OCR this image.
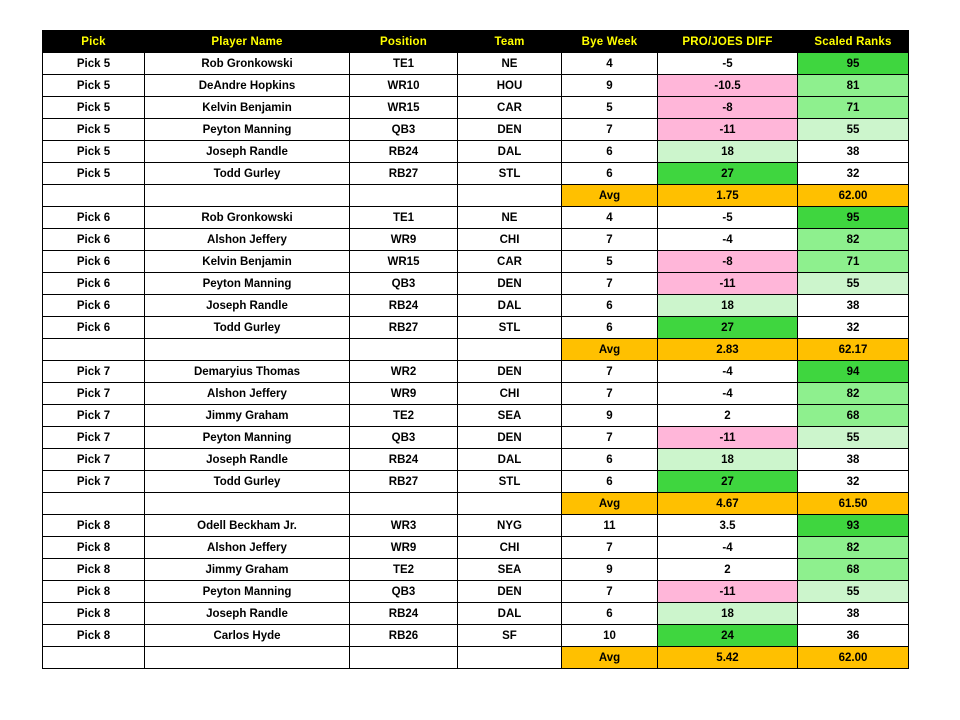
Pick	Player Name	Position	Team	Bye Week	PRO/JOES DIFF	Scaled Ranks
Pick 5	Rob Gronkowski	TE1	NE	4	-5	95
Pick 5	DeAndre Hopkins	WR10	HOU	9	-10.5	81
Pick 5	Kelvin Benjamin	WR15	CAR	5	-8	71
Pick 5	Peyton Manning	QB3	DEN	7	-11	55
Pick 5	Joseph Randle	RB24	DAL	6	18	38
Pick 5	Todd Gurley	RB27	STL	6	27	32
				Avg	1.75	62.00
Pick 6	Rob Gronkowski	TE1	NE	4	-5	95
Pick 6	Alshon Jeffery	WR9	CHI	7	-4	82
Pick 6	Kelvin Benjamin	WR15	CAR	5	-8	71
Pick 6	Peyton Manning	QB3	DEN	7	-11	55
Pick 6	Joseph Randle	RB24	DAL	6	18	38
Pick 6	Todd Gurley	RB27	STL	6	27	32
				Avg	2.83	62.17
Pick 7	Demaryius Thomas	WR2	DEN	7	-4	94
Pick 7	Alshon Jeffery	WR9	CHI	7	-4	82
Pick 7	Jimmy Graham	TE2	SEA	9	2	68
Pick 7	Peyton Manning	QB3	DEN	7	-11	55
Pick 7	Joseph Randle	RB24	DAL	6	18	38
Pick 7	Todd Gurley	RB27	STL	6	27	32
				Avg	4.67	61.50
Pick 8	Odell Beckham Jr.	WR3	NYG	11	3.5	93
Pick 8	Alshon Jeffery	WR9	CHI	7	-4	82
Pick 8	Jimmy Graham	TE2	SEA	9	2	68
Pick 8	Peyton Manning	QB3	DEN	7	-11	55
Pick 8	Joseph Randle	RB24	DAL	6	18	38
Pick 8	Carlos Hyde	RB26	SF	10	24	36
				Avg	5.42	62.00
